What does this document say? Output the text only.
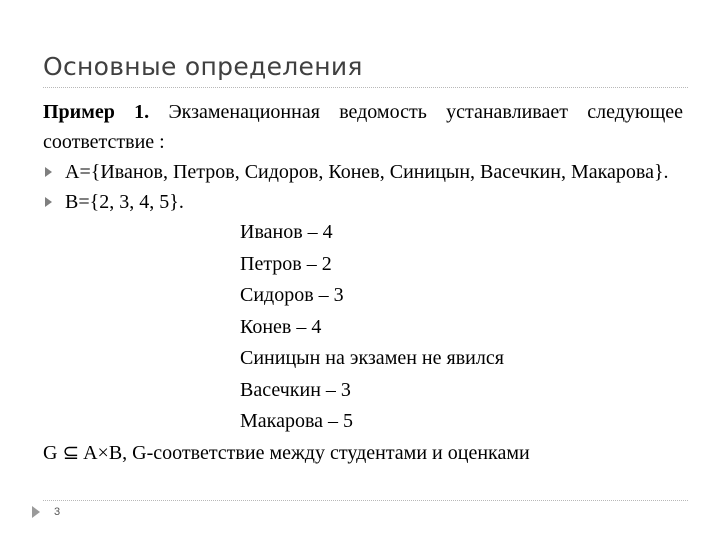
Основные определения
Пример 1. Экзаменационная ведомость устанавливает следующее соответствие :
A={Иванов, Петров, Сидоров, Конев, Синицын, Васечкин, Макарова}.
B={2, 3, 4, 5}.
Иванов – 4
Петров – 2
Сидоров – 3
Конев – 4
Синицын на экзамен не явился
Васечкин – 3
Макарова – 5
G ⊆ A×B, G-соответствие между студентами и оценками
3
